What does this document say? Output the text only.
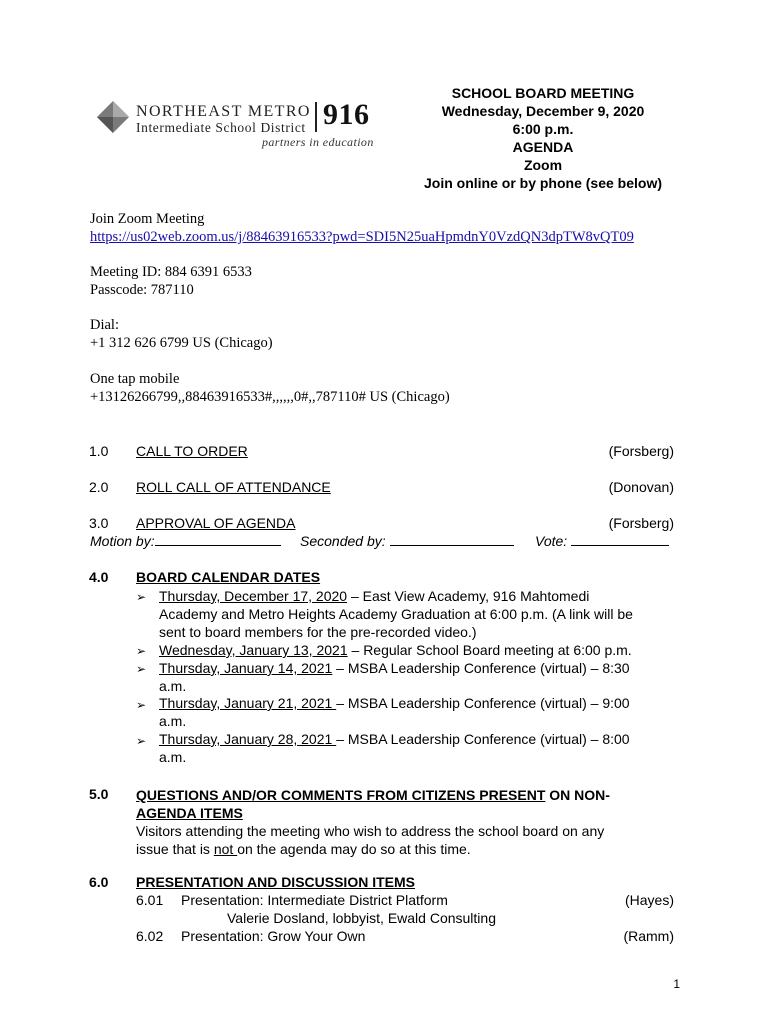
NORTHEAST METRO
Intermediate School District 916
partners in education
SCHOOL BOARD MEETING
Wednesday, December 9, 2020
6:00 p.m.
AGENDA
Zoom
Join online or by phone (see below)
Join Zoom Meeting
https://us02web.zoom.us/j/88463916533?pwd=SDI5N25uaHpmdnY0VzdQN3dpTW8vQT09
Meeting ID: 884 6391 6533
Passcode: 787110
Dial:
+1 312 626 6799 US (Chicago)
One tap mobile
+13126266799,,88463916533#,,,,,,0#,,787110# US (Chicago)
1.0 CALL TO ORDER	(Forsberg)
2.0 ROLL CALL OF ATTENDANCE	(Donovan)
3.0 APPROVAL OF AGENDA	(Forsberg)
Motion by:	Seconded by:	Vote:
4.0 BOARD CALENDAR DATES
➢ Thursday, December 17, 2020 – East View Academy, 916 Mahtomedi
Academy and Metro Heights Academy Graduation at 6:00 p.m. (A link will be
sent to board members for the pre-recorded video.)
➢ Wednesday, January 13, 2021 – Regular School Board meeting at 6:00 p.m.
➢ Thursday, January 14, 2021 – MSBA Leadership Conference (virtual) – 8:30
a.m.
➢ Thursday, January 21, 2021 – MSBA Leadership Conference (virtual) – 9:00
a.m.
➢ Thursday, January 28, 2021 – MSBA Leadership Conference (virtual) – 8:00
a.m.
5.0 QUESTIONS AND/OR COMMENTS FROM CITIZENS PRESENT ON NON-
AGENDA ITEMS
Visitors attending the meeting who wish to address the school board on any
issue that is not on the agenda may do so at this time.
6.0 PRESENTATION AND DISCUSSION ITEMS
6.01 Presentation: Intermediate District Platform	(Hayes)
Valerie Dosland, lobbyist, Ewald Consulting
6.02 Presentation: Grow Your Own	(Ramm)
1
